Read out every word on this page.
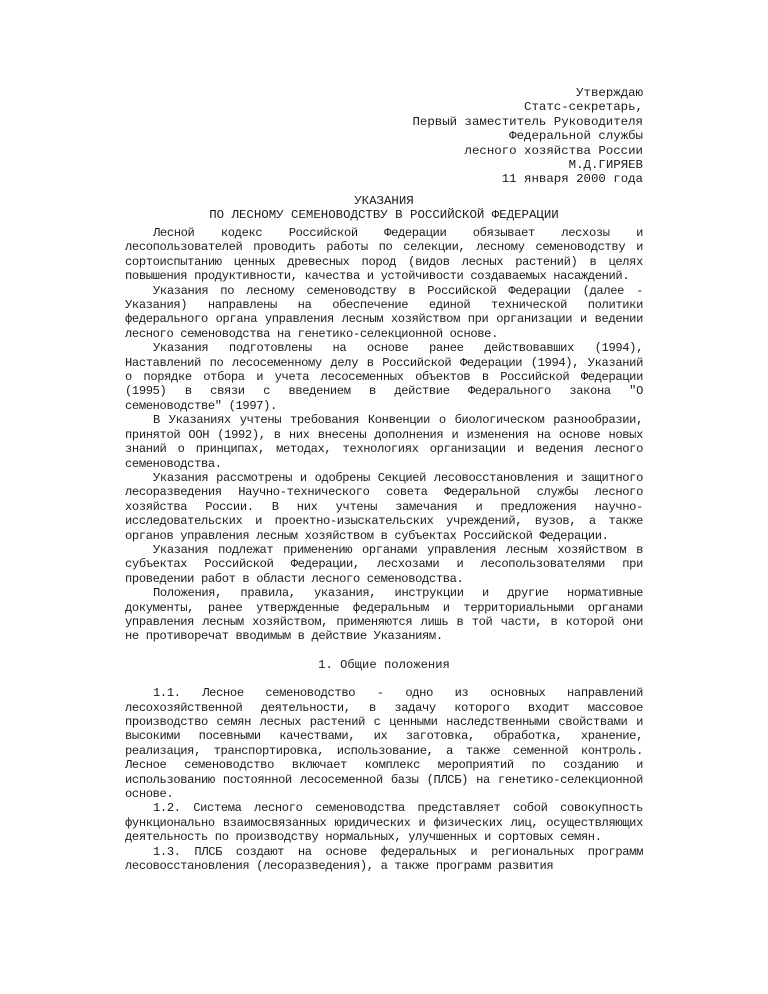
Утверждаю
Статс-секретарь,
Первый заместитель Руководителя
Федеральной службы
лесного хозяйства России
М.Д.ГИРЯЕВ
11 января 2000 года
УКАЗАНИЯ
ПО ЛЕСНОМУ СЕМЕНОВОДСТВУ В РОССИЙСКОЙ ФЕДЕРАЦИИ

Лесной кодекс Российской Федерации обязывает лесхозы и лесопользователей проводить работы по селекции, лесному семеноводству и сортоиспытанию ценных древесных пород (видов лесных растений) в целях повышения продуктивности, качества и устойчивости создаваемых насаждений.

Указания по лесному семеноводству в Российской Федерации (далее - Указания) направлены на обеспечение единой технической политики федерального органа управления лесным хозяйством при организации и ведении лесного семеноводства на генетико-селекционной основе.

Указания подготовлены на основе ранее действовавших (1994), Наставлений по лесосеменному делу в Российской Федерации (1994), Указаний о порядке отбора и учета лесосеменных объектов в Российской Федерации (1995) в связи с введением в действие Федерального закона "О семеноводстве" (1997).

В Указаниях учтены требования Конвенции о биологическом разнообразии, принятой ООН (1992), в них внесены дополнения и изменения на основе новых знаний о принципах, методах, технологиях организации и ведения лесного семеноводства.

Указания рассмотрены и одобрены Секцией лесовосстановления и защитного лесоразведения Научно-технического совета Федеральной службы лесного хозяйства России. В них учтены замечания и предложения научно-исследовательских и проектно-изыскательских учреждений, вузов, а также органов управления лесным хозяйством в субъектах Российской Федерации.

Указания подлежат применению органами управления лесным хозяйством в субъектах Российской Федерации, лесхозами и лесопользователями при проведении работ в области лесного семеноводства.

Положения, правила, указания, инструкции и другие нормативные документы, ранее утвержденные федеральным и территориальными органами управления лесным хозяйством, применяются лишь в той части, в которой они не противоречат вводимым в действие Указаниям.

1. Общие положения

1.1. Лесное семеноводство - одно из основных направлений лесохозяйственной деятельности, в задачу которого входит массовое производство семян лесных растений с ценными наследственными свойствами и высокими посевными качествами, их заготовка, обработка, хранение, реализация, транспортировка, использование, а также семенной контроль. Лесное семеноводство включает комплекс мероприятий по созданию и использованию постоянной лесосеменной базы (ПЛСБ) на генетико-селекционной основе.

1.2. Система лесного семеноводства представляет собой совокупность функционально взаимосвязанных юридических и физических лиц, осуществляющих деятельность по производству нормальных, улучшенных и сортовых семян.

1.3. ПЛСБ создают на основе федеральных и региональных программ лесовосстановления (лесоразведения), а также программ развития
